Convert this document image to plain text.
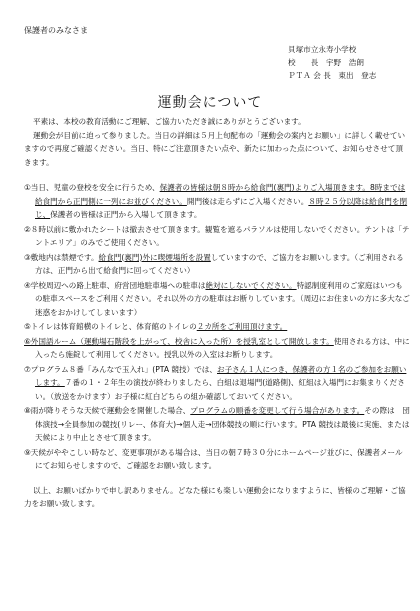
保護者のみなさま
貝塚市立永寿小学校
校　　長　宇野　浩朗
ＰＴＡ 会 長　東出　登志
運動会について

平素は、本校の教育活動にご理解、ご協力いただき誠にありがとうございます。

運動会が目前に迫って参りました。当日の詳細は５月上旬配布の「運動会の案内とお願い」に詳しく載せていますので再度ご確認ください。当日、特にご注意頂きたい点や、新たに加わった点について、お知らせさせて頂きます。

①当日、児童の登校を安全に行うため、保護者の皆様は朝８時から給食門(裏門)よりご入場頂きます。8時までは給食門から正門側に一列にお並びください。開門後は走らずにご入場ください。８時２５分以降は給食門を閉じ、保護者の皆様は正門から入場して頂きます。

②８時以前に敷かれたシートは撤去させて頂きます。観覧を遮るパラソルは使用しないでください。テントは「テントエリア」のみでご使用ください。

③敷地内は禁煙です。給食門(裏門)外に喫煙場所を設置していますので、ご協力をお願いします。（ご利用される方は、正門から出て給食門に回ってください）

④学校周辺への路上駐車、府営団地駐車場への駐車は絶対にしないでください。特認制度利用のご家庭はいつもの駐車スペースをご利用ください。それ以外の方の駐車はお断りしています。（周辺にお住まいの方に多大なご迷惑をおかけしてしまいます）

⑤トイレは体育館横のトイレと、体育館のトイレの２カ所をご利用頂けます。

⑥外国語ルーム（運動場石階段を上がって、校舎に入った所）を授乳室として開放します。使用される方は、中に入ったら施錠して利用してください。授乳以外の入室はお断りします。

⑦プログラム８番「みんなで玉入れ」(PTA 競技）では、お子さん１人につき、保護者の方１名のご参加をお願いします。７番の１・２年生の演技が終わりましたら、白組は退場門(道路側)、紅組は入場門にお集まりください。（放送をかけます）お子様に紅白どちらの組か確認しておいてください。

⑧雨が降りそうな天候で運動会を開催した場合、プログラムの順番を変更して行う場合があります。その際は　団体演技→全員参加の競技(リレー、体育大)→個人走→団体競技の順に行います。PTA 競技は最後に実施、または天候により中止とさせて頂きます。

⑨天候がややこしい時など、変更事項がある場合は、当日の朝７時３０分にホームページ並びに、保護者メールにてお知らせしますので、ご確認をお願い致します。

以上、お願いばかりで申し訳ありません。どなた様にも楽しい運動会になりますように、皆様のご理解・ご協力をお願い致します。
